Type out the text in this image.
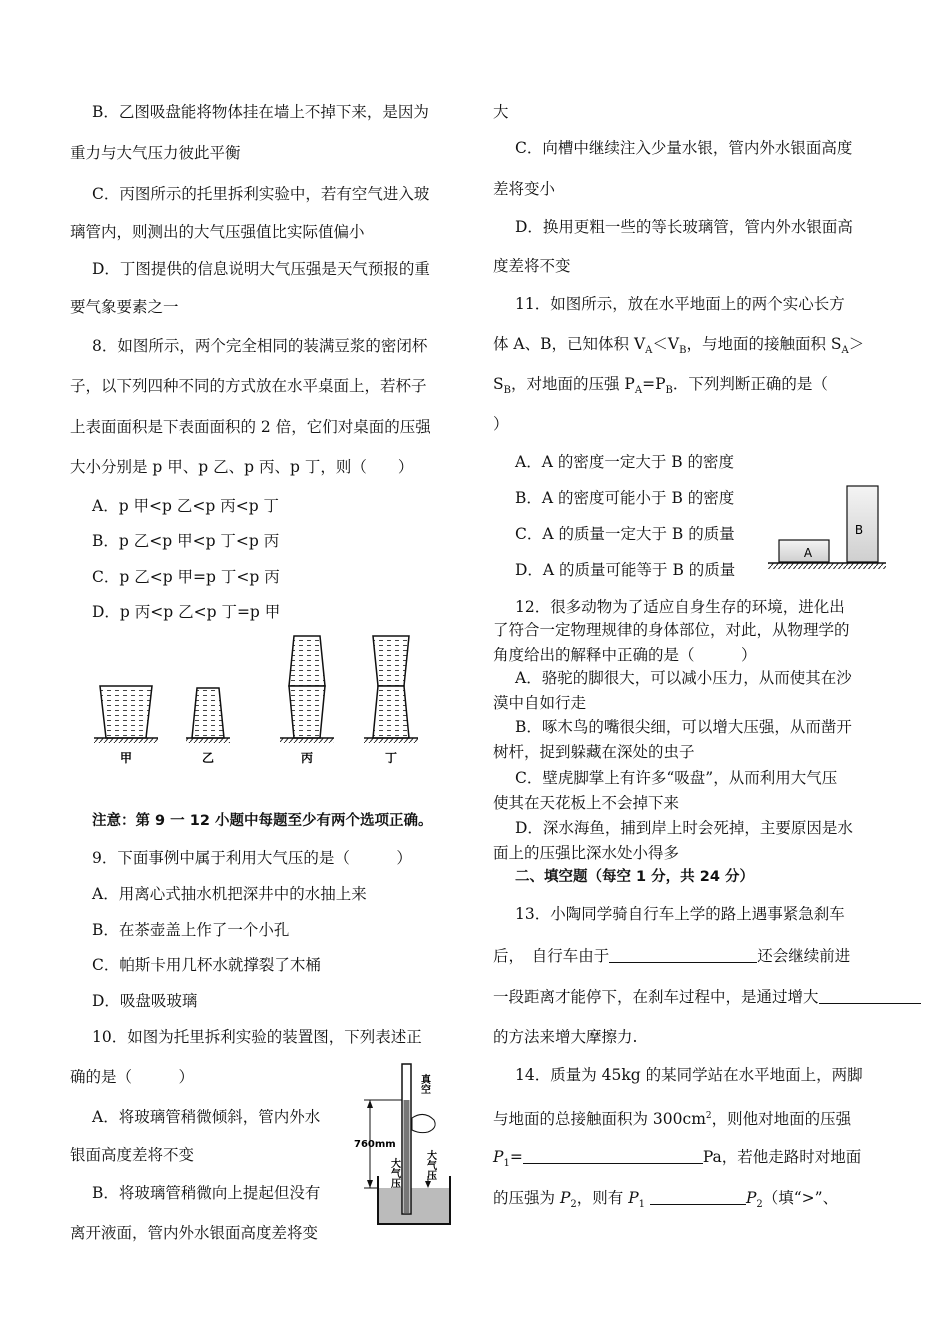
B．乙图吸盘能将物体挂在墙上不掉下来，是因为
重力与大气压力彼此平衡
C．丙图所示的托里拆利实验中，若有空气进入玻
璃管内，则测出的大气压强值比实际值偏小
D．丁图提供的信息说明大气压强是天气预报的重
要气象要素之一
8．如图所示，两个完全相同的装满豆浆的密闭杯
子，以下列四种不同的方式放在水平桌面上，若杯子
上表面面积是下表面面积的 2 倍，它们对桌面的压强
大小分别是 p 甲、p 乙、p 丙、p 丁，则（　　）
A．p 甲<p 乙<p 丙<p 丁
B．p 乙<p 甲<p 丁<p 丙
C．p 乙<p 甲=p 丁<p 丙
D．p 丙<p 乙<p 丁=p 甲
甲	乙	丙	丁
注意：第 9 一 12 小题中每题至少有两个选项正确。
9．下面事例中属于利用大气压的是（　　　）
A．用离心式抽水机把深井中的水抽上来
B．在茶壶盖上作了一个小孔
C．帕斯卡用几杯水就撑裂了木桶
D．吸盘吸玻璃
10．如图为托里拆利实验的装置图，下列表述正
确的是（　　　）
A．将玻璃管稍微倾斜，管内外水
银面高度差将不变
B．将玻璃管稍微向上提起但没有
离开液面，管内外水银面高度差将变
760mm
真空
大气压	大气压
大
C．向槽中继续注入少量水银，管内外水银面高度
差将变小
D．换用更粗一些的等长玻璃管，管内外水银面高
度差将不变
11．如图所示，放在水平地面上的两个实心长方
体 A、B，已知体积 $V_A<V_B$，与地面的接触面积 $S_A>$
$S_B$，对地面的压强 $P_A=P_B$．下列判断正确的是（
）
A．A 的密度一定大于 B 的密度
B．A 的密度可能小于 B 的密度
C．A 的质量一定大于 B 的质量
D．A 的质量可能等于 B 的质量
A
B
12．很多动物为了适应自身生存的环境，进化出
了符合一定物理规律的身体部位，对此，从物理学的
角度给出的解释中正确的是（　　　）
A．骆驼的脚很大，可以减小压力，从而使其在沙
漠中自如行走
B．啄木鸟的嘴很尖细，可以增大压强，从而凿开
树杆，捉到躲藏在深处的虫子
C．壁虎脚掌上有许多“吸盘”，从而利用大气压
使其在天花板上不会掉下来
D．深水海鱼，捕到岸上时会死掉，主要原因是水
面上的压强比深水处小得多
二、填空题（每空 1 分，共 24 分）
13．小陶同学骑自行车上学的路上遇事紧急刹车
后，　自行车由于	还会继续前进
一段距离才能停下，在刹车过程中，是通过增大
的方法来增大摩擦力.
14．质量为 45kg 的某同学站在水平地面上，两脚
与地面的总接触面积为 $300cm^2$，则他对地面的压强
$P_1=$	Pa，若他走路时对地面
的压强为 $P_2$，则有 $P_1$	$P_2$（填“>”、
